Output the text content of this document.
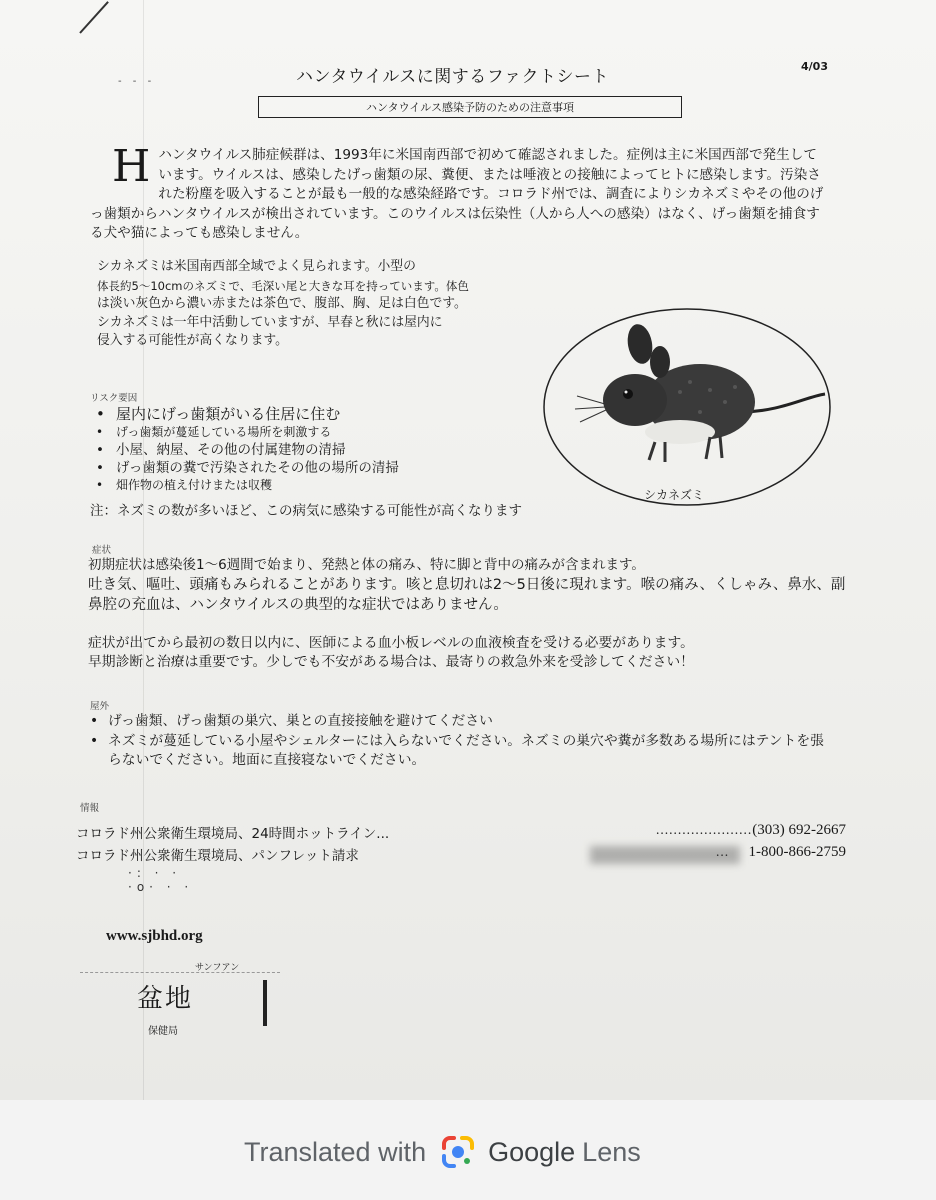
- - -	ハンタウイルスに関するファクトシート
4/03
ハンタウイルス感染予防のための注意事項
H ハンタウイルス肺症候群は、1993年に米国南西部で初めて確認されました。症例は主に米国西部で発生しています。ウイルスは、感染したげっ歯類の尿、糞便、または唾液との接触によってヒトに感染します。汚染された粉塵を吸入することが最も一般的な感染経路です。コロラド州では、調査によりシカネズミやその他のげっ歯類からハンタウイルスが検出されています。このウイルスは伝染性（人から人への感染）はなく、げっ歯類を捕食する犬や猫によっても感染しません。
シカネズミは米国南西部全域でよく見られます。小型の
体長約5～10cmのネズミで、毛深い尾と大きな耳を持っています。体色
は淡い灰色から濃い赤または茶色で、腹部、胸、足は白色です。
シカネズミは一年中活動していますが、早春と秋には屋内に
侵入する可能性が高くなります。
シカネズミ
リスク要因
• 屋内にげっ歯類がいる住居に住む
• げっ歯類が蔓延している場所を刺激する
• 小屋、納屋、その他の付属建物の清掃
• げっ歯類の糞で汚染されたその他の場所の清掃
• 畑作物の植え付けまたは収穫
注：ネズミの数が多いほど、この病気に感染する可能性が高くなります
症状
初期症状は感染後1～6週間で始まり、発熱と体の痛み、特に脚と背中の痛みが含まれます。
吐き気、嘔吐、頭痛もみられることがあります。咳と息切れは2～5日後に現れます。喉の痛み、くしゃみ、鼻水、副鼻腔の充血は、ハンタウイルスの典型的な症状ではありません。
症状が出てから最初の数日以内に、医師による血小板レベルの血液検査を受ける必要があります。
早期診断と治療は重要です。少しでも不安がある場合は、最寄りの救急外来を受診してください！
屋外
• げっ歯類、げっ歯類の巣穴、巣との直接接触を避けてください
• ネズミが蔓延している小屋やシェルターには入らないでください。ネズミの巣穴や糞が多数ある場所にはテントを張らないでください。地面に直接寝ないでください。
情報
コロラド州公衆衛生環境局、24時間ホットライン...	...................... (303) 692-2667
コロラド州公衆衛生環境局、パンフレット請求	... 1-800-866-2759
·: · ·
·o· · ·
www.sjbhd.org
サンフアン
盆地
保健局
Translated with Google Lens
